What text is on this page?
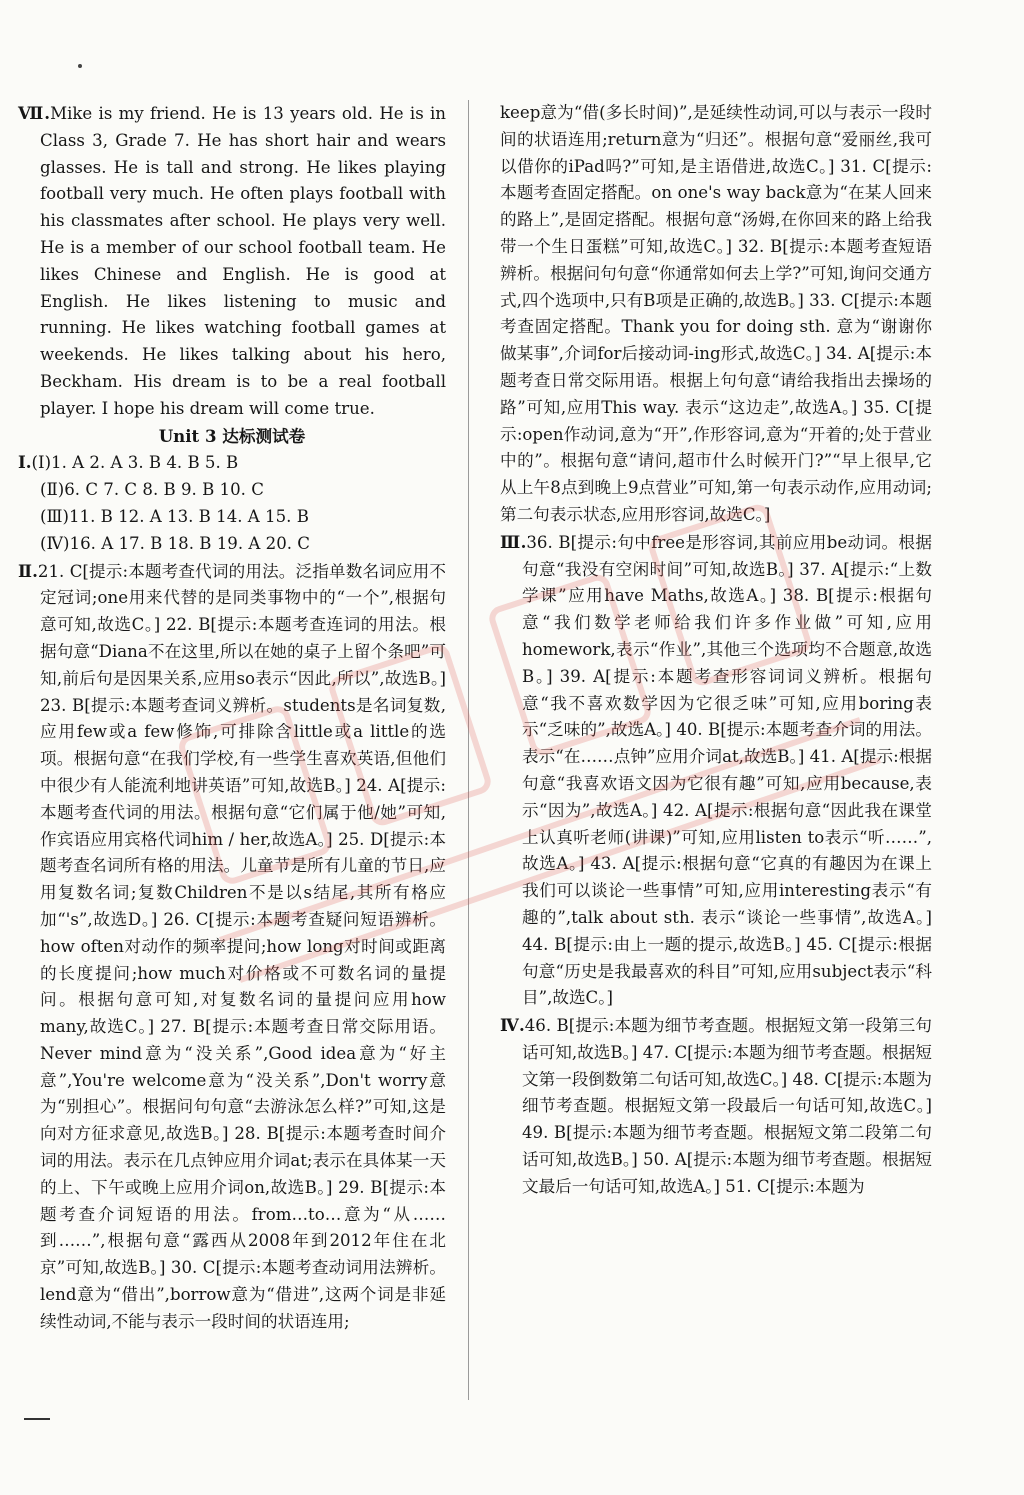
Ⅶ.Mike is my friend. He is 13 years old. He is in Class 3, Grade 7. He has short hair and wears glasses. He is tall and strong. He likes playing football very much. He often plays football with his classmates after school. He plays very well. He is a member of our school football team. He likes Chinese and English. He is good at English. He likes listening to music and running. He likes watching football games at weekends. He likes talking about his hero, Beckham. His dream is to be a real football player. I hope his dream will come true.

Unit 3 达标测试卷

Ⅰ.(Ⅰ)1. A 2. A 3. B 4. B 5. B

(Ⅱ)6. C 7. C 8. B 9. B 10. C

(Ⅲ)11. B 12. A 13. B 14. A 15. B

(Ⅳ)16. A 17. B 18. B 19. A 20. C

Ⅱ.21. C[提示:本题考查代词的用法。泛指单数名词应用不定冠词;one用来代替的是同类事物中的“一个”,根据句意可知,故选C。] 22. B[提示:本题考查连词的用法。根据句意“Diana不在这里,所以在她的桌子上留个条吧”可知,前后句是因果关系,应用so表示“因此,所以”,故选B。] 23. B[提示:本题考查词义辨析。students是名词复数,应用few或a few修饰,可排除含little或a little的选项。根据句意“在我们学校,有一些学生喜欢英语,但他们中很少有人能流利地讲英语”可知,故选B。] 24. A[提示:本题考查代词的用法。根据句意“它们属于他/她”可知,作宾语应用宾格代词him / her,故选A。] 25. D[提示:本题考查名词所有格的用法。儿童节是所有儿童的节日,应用复数名词;复数Children不是以s结尾,其所有格应加“'s”,故选D。] 26. C[提示:本题考查疑问短语辨析。how often对动作的频率提问;how long对时间或距离的长度提问;how much对价格或不可数名词的量提问。根据句意可知,对复数名词的量提问应用how many,故选C。] 27. B[提示:本题考查日常交际用语。Never mind意为“没关系”,Good idea意为“好主意”,You're welcome意为“没关系”,Don't worry意为“别担心”。根据问句句意“去游泳怎么样?”可知,这是向对方征求意见,故选B。] 28. B[提示:本题考查时间介词的用法。表示在几点钟应用介词at;表示在具体某一天的上、下午或晚上应用介词on,故选B。] 29. B[提示:本题考查介词短语的用法。from…to…意为“从……到……”,根据句意“露西从2008年到2012年住在北京”可知,故选B。] 30. C[提示:本题考查动词用法辨析。lend意为“借出”,borrow意为“借进”,这两个词是非延续性动词,不能与表示一段时间的状语连用;

keep意为“借(多长时间)”,是延续性动词,可以与表示一段时间的状语连用;return意为“归还”。根据句意“爱丽丝,我可以借你的iPad吗?”可知,是主语借进,故选C。] 31. C[提示:本题考查固定搭配。on one's way back意为“在某人回来的路上”,是固定搭配。根据句意“汤姆,在你回来的路上给我带一个生日蛋糕”可知,故选C。] 32. B[提示:本题考查短语辨析。根据问句句意“你通常如何去上学?”可知,询问交通方式,四个选项中,只有B项是正确的,故选B。] 33. C[提示:本题考查固定搭配。Thank you for doing sth. 意为“谢谢你做某事”,介词for后接动词-ing形式,故选C。] 34. A[提示:本题考查日常交际用语。根据上句句意“请给我指出去操场的路”可知,应用This way. 表示“这边走”,故选A。] 35. C[提示:open作动词,意为“开”,作形容词,意为“开着的;处于营业中的”。根据句意“请问,超市什么时候开门?”“早上很早,它从上午8点到晚上9点营业”可知,第一句表示动作,应用动词;第二句表示状态,应用形容词,故选C。]

Ⅲ.36. B[提示:句中free是形容词,其前应用be动词。根据句意“我没有空闲时间”可知,故选B。] 37. A[提示:“上数学课”应用have Maths,故选A。] 38. B[提示:根据句意“我们数学老师给我们许多作业做”可知,应用homework,表示“作业”,其他三个选项均不合题意,故选B。] 39. A[提示:本题考查形容词词义辨析。根据句意“我不喜欢数学因为它很乏味”可知,应用boring表示“乏味的”,故选A。] 40. B[提示:本题考查介词的用法。表示“在……点钟”应用介词at,故选B。] 41. A[提示:根据句意“我喜欢语文因为它很有趣”可知,应用because,表示“因为”,故选A。] 42. A[提示:根据句意“因此我在课堂上认真听老师(讲课)”可知,应用listen to表示“听……”,故选A。] 43. A[提示:根据句意“它真的有趣因为在课上我们可以谈论一些事情”可知,应用interesting表示“有趣的”,talk about sth. 表示“谈论一些事情”,故选A。] 44. B[提示:由上一题的提示,故选B。] 45. C[提示:根据句意“历史是我最喜欢的科目”可知,应用subject表示“科目”,故选C。]

Ⅳ.46. B[提示:本题为细节考查题。根据短文第一段第三句话可知,故选B。] 47. C[提示:本题为细节考查题。根据短文第一段倒数第二句话可知,故选C。] 48. C[提示:本题为细节考查题。根据短文第一段最后一句话可知,故选C。] 49. B[提示:本题为细节考查题。根据短文第二段第二句话可知,故选B。] 50. A[提示:本题为细节考查题。根据短文最后一句话可知,故选A。] 51. C[提示:本题为
